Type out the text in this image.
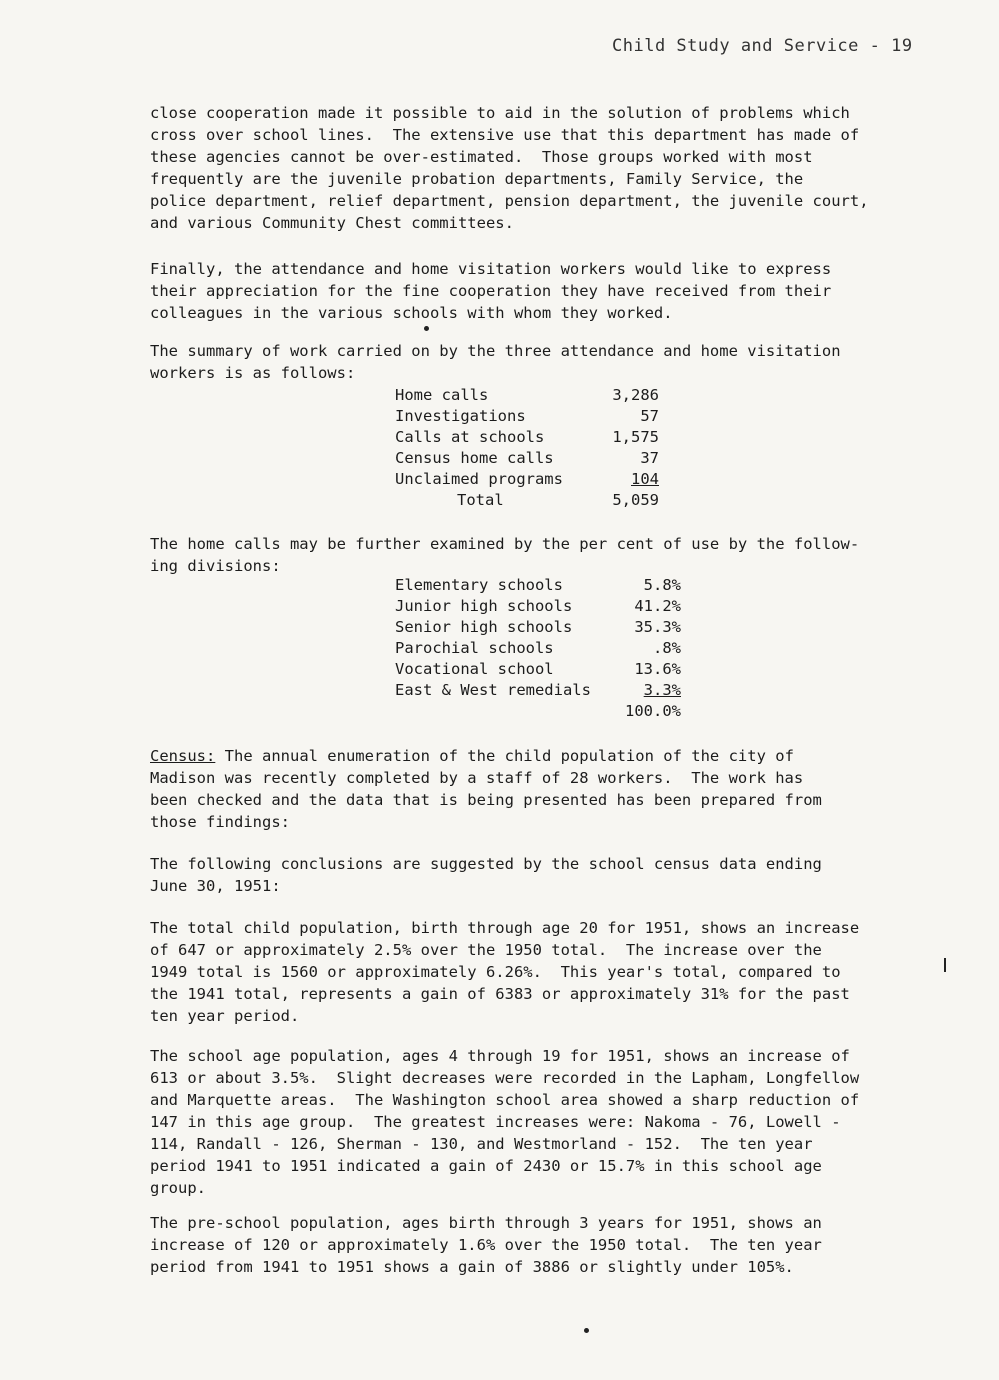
Child Study and Service - 19

close cooperation made it possible to aid in the solution of problems which
cross over school lines.  The extensive use that this department has made of
these agencies cannot be over-estimated.  Those groups worked with most
frequently are the juvenile probation departments, Family Service, the
police department, relief department, pension department, the juvenile court,
and various Community Chest committees.

Finally, the attendance and home visitation workers would like to express
their appreciation for the fine cooperation they have received from their
colleagues in the various schools with whom they worked.

The summary of work carried on by the three attendance and home visitation
workers is as follows:

Home calls	3,286
Investigations	57
Calls at schools	1,575
Census home calls	37
Unclaimed programs	104
Total	5,059

The home calls may be further examined by the per cent of use by the follow-
ing divisions:

Elementary schools	5.8%
Junior high schools	41.2%
Senior high schools	35.3%
Parochial schools	.8%
Vocational school	13.6%
East & West remedials	3.3%
100.0%

Census: The annual enumeration of the child population of the city of
Madison was recently completed by a staff of 28 workers.  The work has
been checked and the data that is being presented has been prepared from
those findings:

The following conclusions are suggested by the school census data ending
June 30, 1951:

The total child population, birth through age 20 for 1951, shows an increase
of 647 or approximately 2.5% over the 1950 total.  The increase over the
1949 total is 1560 or approximately 6.26%.  This year's total, compared to
the 1941 total, represents a gain of 6383 or approximately 31% for the past
ten year period.

The school age population, ages 4 through 19 for 1951, shows an increase of
613 or about 3.5%.  Slight decreases were recorded in the Lapham, Longfellow
and Marquette areas.  The Washington school area showed a sharp reduction of
147 in this age group.  The greatest increases were: Nakoma - 76, Lowell -
114, Randall - 126, Sherman - 130, and Westmorland - 152.  The ten year
period 1941 to 1951 indicated a gain of 2430 or 15.7% in this school age
group.

The pre-school population, ages birth through 3 years for 1951, shows an
increase of 120 or approximately 1.6% over the 1950 total.  The ten year
period from 1941 to 1951 shows a gain of 3886 or slightly under 105%.
